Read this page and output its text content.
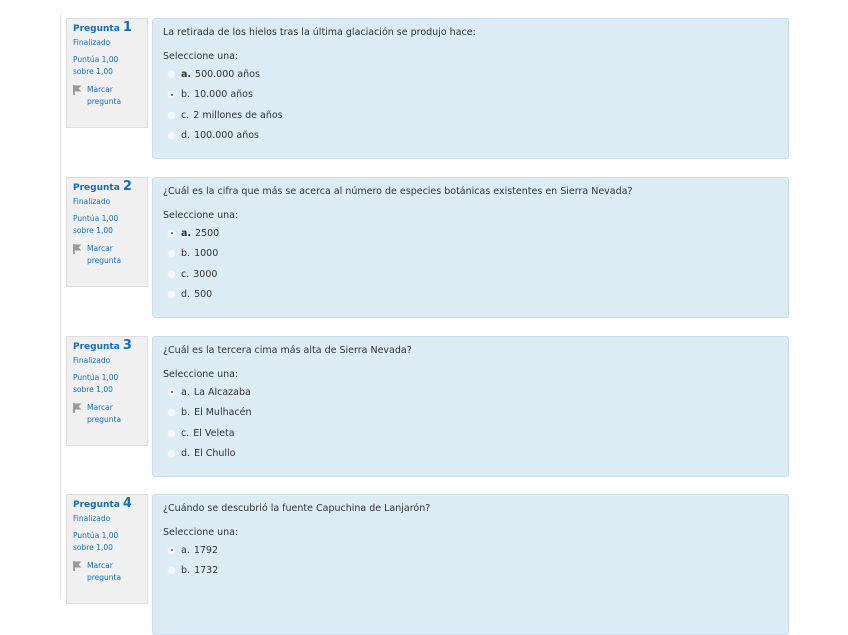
Pregunta 1
Finalizado
Puntúa 1,00
sobre 1,00
Marcar
pregunta
La retirada de los hielos tras la última glaciación se produjo hace:
Seleccione una:
a. 500.000 años
b. 10.000 años
c. 2 millones de años
d. 100.000 años
Pregunta 2
Finalizado
Puntúa 1,00
sobre 1,00
Marcar
pregunta
¿Cuál es la cifra que más se acerca al número de especies botánicas existentes en Sierra Nevada?
Seleccione una:
a. 2500
b. 1000
c. 3000
d. 500
Pregunta 3
Finalizado
Puntúa 1,00
sobre 1,00
Marcar
pregunta
¿Cuál es la tercera cima más alta de Sierra Nevada?
Seleccione una:
a. La Alcazaba
b. El Mulhacén
c. El Veleta
d. El Chullo
Pregunta 4
Finalizado
Puntúa 1,00
sobre 1,00
Marcar
pregunta
¿Cuándo se descubrió la fuente Capuchina de Lanjarón?
Seleccione una:
a. 1792
b. 1732
